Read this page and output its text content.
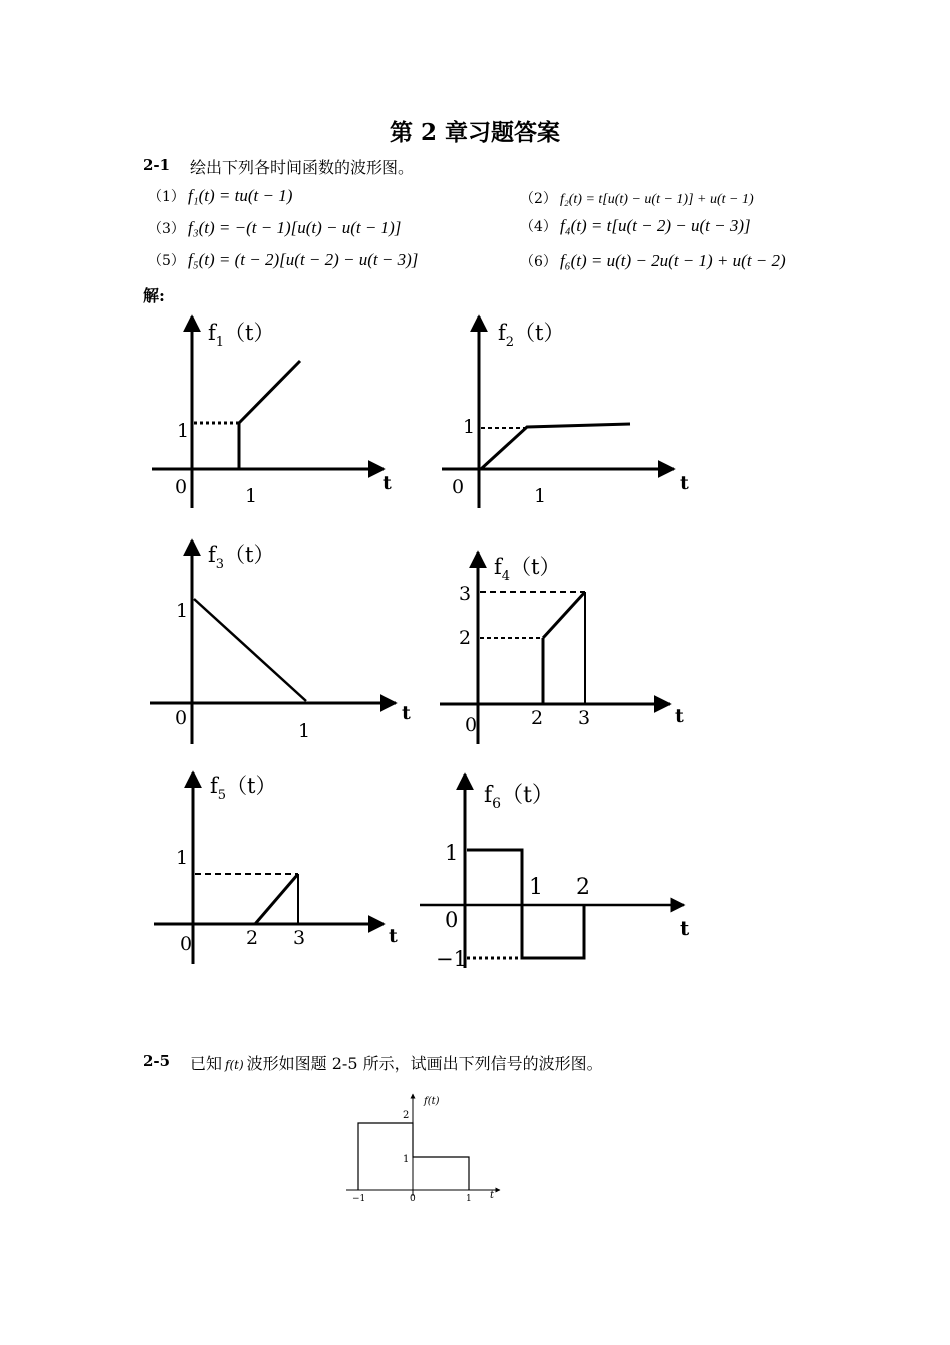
第 2 章习题答案
2-1 绘出下列各时间函数的波形图。
（1） f₁(t) = tu(t − 1)	（2） f₂(t) = t[u(t) − u(t − 1)] + u(t − 1)
（3） f₃(t) = −(t − 1)[u(t) − u(t − 1)]	（4） f₄(t) = t[u(t − 2) − u(t − 3)]
（5） f₅(t) = (t − 2)[u(t − 2) − u(t − 3)]	（6） f₆(t) = u(t) − 2u(t − 1) + u(t − 2)
解:
$f_1(t)$
t
0	1
1
$f_2(t)$
t
0	1
1
$f_3(t)$
t
0
1
1
$f_4(t)$
t
0	2 3
3
2
$f_5(t)$
t
0	2 3
1
$f_6(t)$
t
0
1 2
1
−1
2-5 已知 f(t) 波形如图题 2-5 所示，试画出下列信号的波形图。
f(t)
t
2
1
−1	0	1
